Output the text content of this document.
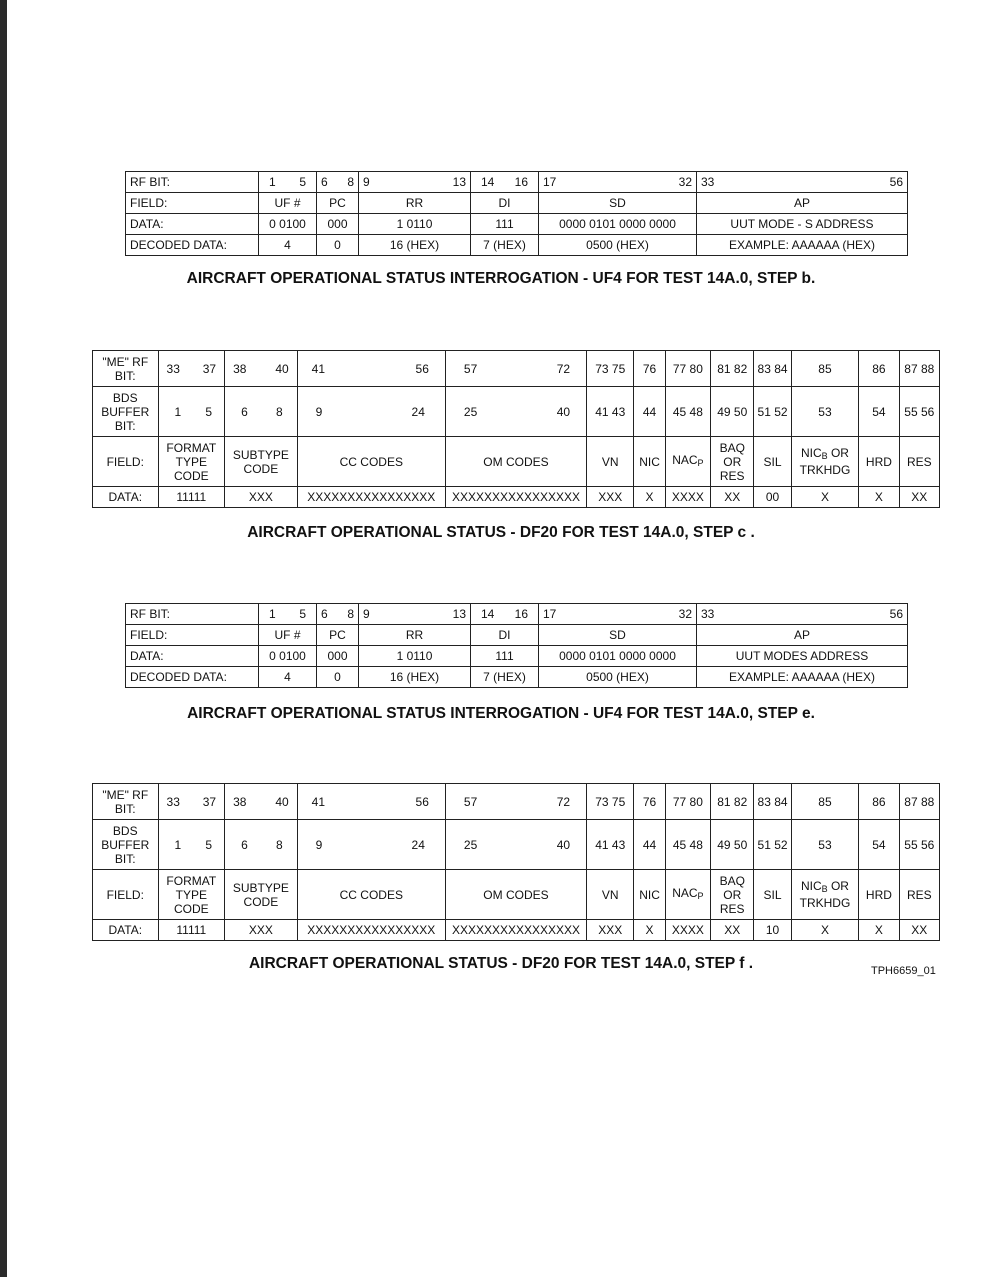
RF BIT:	1 5	6 8	9 13	14 16	17 32	33 56

FIELD:	UF #	PC	RR	DI	SD	AP
DATA:	0 0100	000	1 0110	111	0000 0101 0000 0000	UUT MODE - S ADDRESS
DECODED DATA:	4	0	16 (HEX)	7 (HEX)	0500 (HEX)	EXAMPLE: AAAAAA (HEX)
AIRCRAFT OPERATIONAL STATUS INTERROGATION - UF4 FOR TEST 14A.0, STEP b.
"ME" RF BIT:	33 37	38 40	41 56	57 72	73 75	76	77 80	81 82	83 84	85	86	87 88
BDS BUFFER BIT:	1 5	6 8	9 24	25 40	41 43	44	45 48	49 50	51 52	53	54	55 56
FIELD:	FORMAT TYPE CODE	SUBTYPE CODE	CC CODES	OM CODES	VN	NIC	$NAC_P$	BAQ OR RES	SIL	$NIC_B$ OR TRKHDG	HRD	RES
DATA:	11111	XXX	XXXXXXXXXXXXXXXX	XXXXXXXXXXXXXXXX	XXX	X	XXXX	XX	00	X	X	XX
AIRCRAFT OPERATIONAL STATUS - DF20 FOR TEST 14A.0, STEP c .
RF BIT:	1 5	6 8	9 13	14 16	17 32	33 56

FIELD:	UF #	PC	RR	DI	SD	AP
DATA:	0 0100	000	1 0110	111	0000 0101 0000 0000	UUT MODES ADDRESS
DECODED DATA:	4	0	16 (HEX)	7 (HEX)	0500 (HEX)	EXAMPLE: AAAAAA (HEX)
AIRCRAFT OPERATIONAL STATUS INTERROGATION - UF4 FOR TEST 14A.0, STEP e.
"ME" RF BIT:	33 37	38 40	41 56	57 72	73 75	76	77 80	81 82	83 84	85	86	87 88
BDS BUFFER BIT:	1 5	6 8	9 24	25 40	41 43	44	45 48	49 50	51 52	53	54	55 56
FIELD:	FORMAT TYPE CODE	SUBTYPE CODE	CC CODES	OM CODES	VN	NIC	$NAC_P$	BAQ OR RES	SIL	$NIC_B$ OR TRKHDG	HRD	RES
DATA:	11111	XXX	XXXXXXXXXXXXXXXX	XXXXXXXXXXXXXXXX	XXX	X	XXXX	XX	10	X	X	XX
AIRCRAFT OPERATIONAL STATUS - DF20 FOR TEST 14A.0, STEP f .	TPH6659_01
